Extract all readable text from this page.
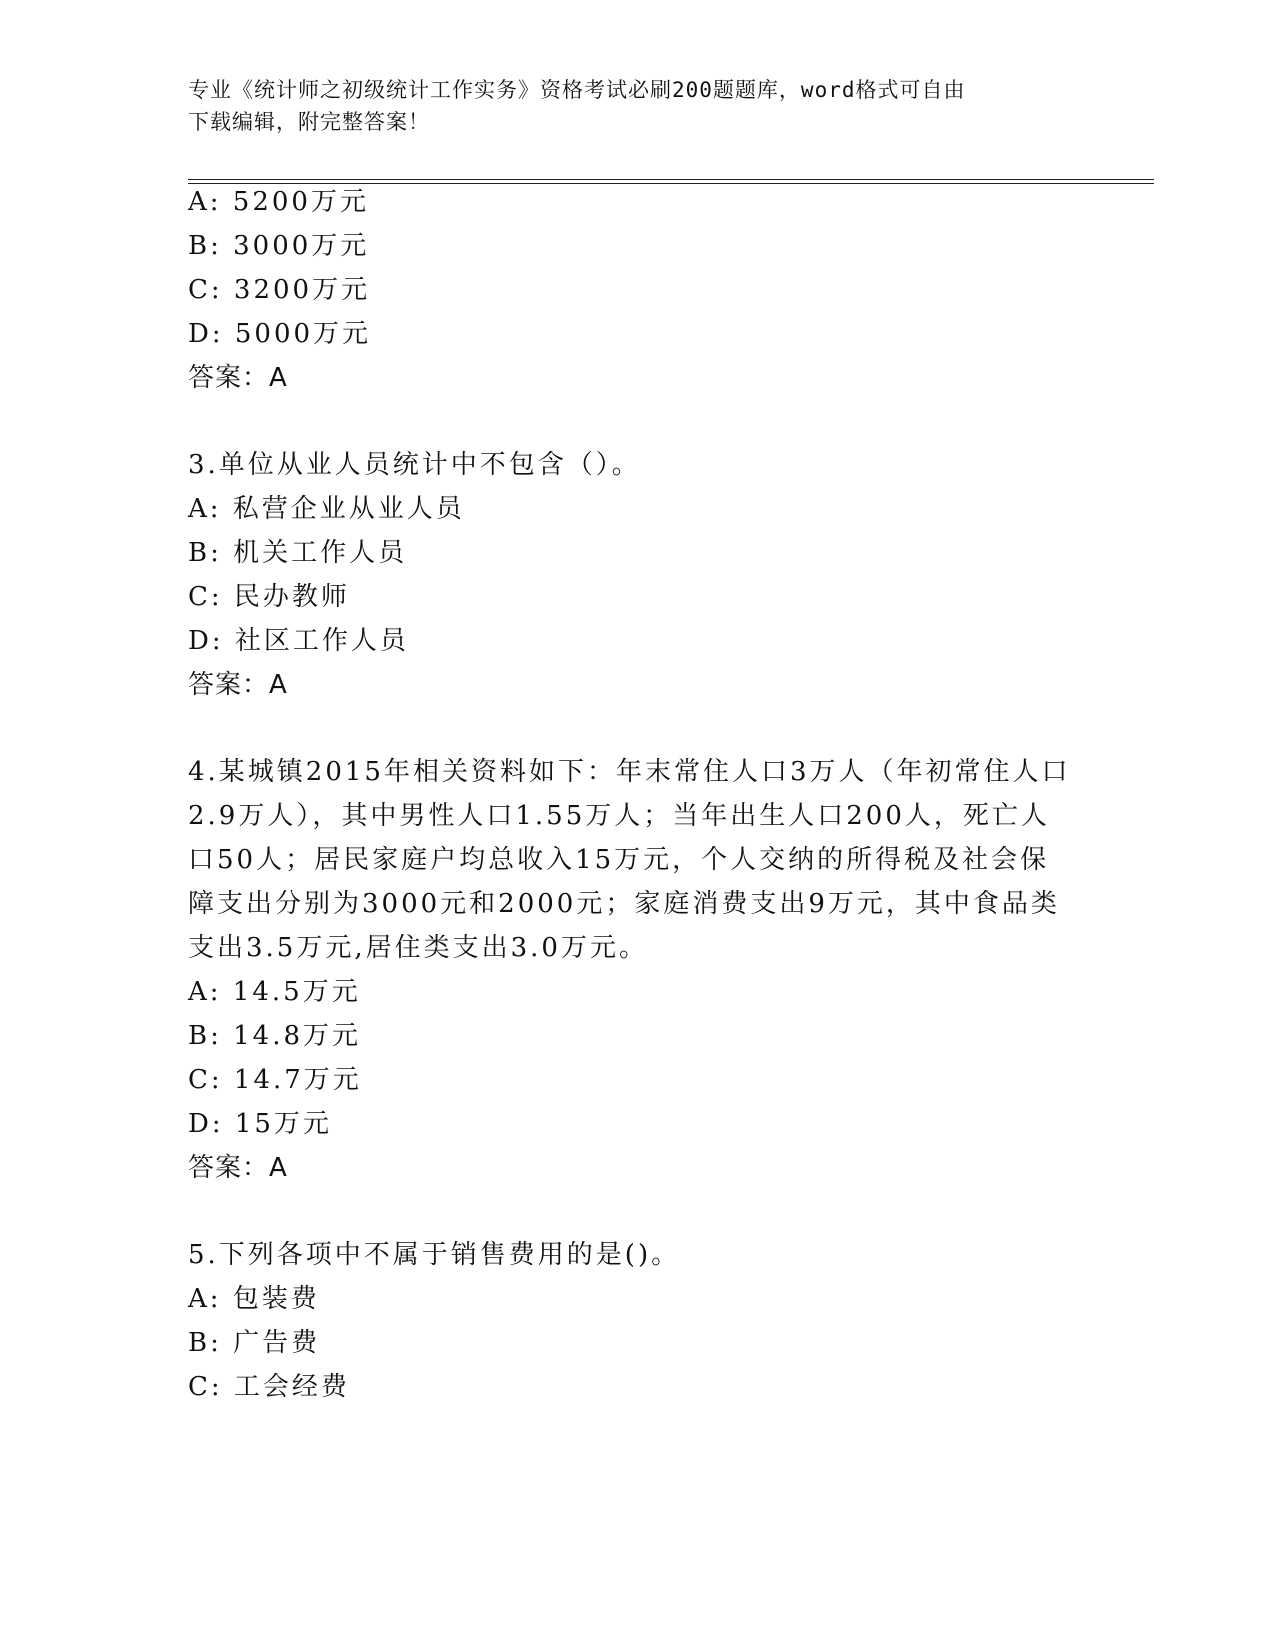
专业《统计师之初级统计工作实务》资格考试必刷200题题库，word格式可自由
下载编辑，附完整答案！
A: 5200万元
B: 3000万元
C: 3200万元
D: 5000万元
答案：A
3.单位从业人员统计中不包含（）。
A: 私营企业从业人员
B: 机关工作人员
C: 民办教师
D: 社区工作人员
答案：A
4.某城镇2015年相关资料如下：年末常住人口3万人（年初常住人口
2.9万人），其中男性人口1.55万人；当年出生人口200人，死亡人
口50人；居民家庭户均总收入15万元，个人交纳的所得税及社会保
障支出分别为3000元和2000元；家庭消费支出9万元，其中食品类
支出3.5万元,居住类支出3.0万元。
A: 14.5万元
B: 14.8万元
C: 14.7万元
D: 15万元
答案：A
5.下列各项中不属于销售费用的是()。
A: 包装费
B: 广告费
C: 工会经费
